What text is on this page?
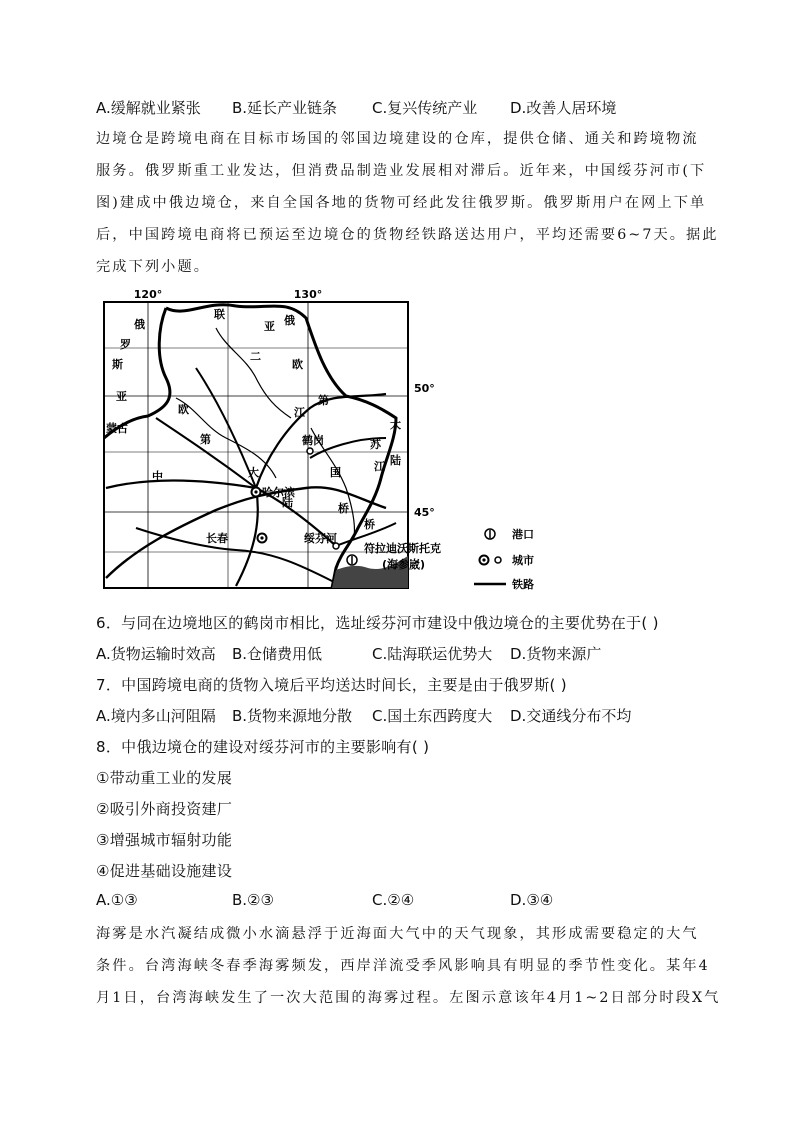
A.缓解就业紧张 B.延长产业链条 C.复兴传统产业 D.改善人居环境
边境仓是跨境电商在目标市场国的邻国边境建设的仓库，提供仓储、通关和跨境物流
服务。俄罗斯重工业发达，但消费品制造业发展相对滞后。近年来，中国绥芬河市(下
图)建成中俄边境仓，来自全国各地的货物可经此发往俄罗斯。俄罗斯用户在网上下单
后，中国跨境电商将已预运至边境仓的货物经铁路送达用户，平均还需要6~7天。据此
完成下列小题。
120°	130°
50°
45°
俄
罗
斯
亚
蒙古
中
欧
第
联
亚 俄
二
欧
江
第
大
陆
国
桥
桥
苏
江
大
陆
哈尔滨
长春
鹤岗
绥芬河
符拉迪沃斯托克
(海参崴)
港口
城市
铁路
6．与同在边境地区的鹤岗市相比，选址绥芬河市建设中俄边境仓的主要优势在于( )
A.货物运输时效高 B.仓储费用低	C.陆海联运优势大 D.货物来源广
7．中国跨境电商的货物入境后平均送达时间长，主要是由于俄罗斯( )
A.境内多山河阻隔 B.货物来源地分散 C.国土东西跨度大 D.交通线分布不均
8．中俄边境仓的建设对绥芬河市的主要影响有( )
①带动重工业的发展
②吸引外商投资建厂
③增强城市辐射功能
④促进基础设施建设
A.①③	B.②③	C.②④	D.③④
海雾是水汽凝结成微小水滴悬浮于近海面大气中的天气现象，其形成需要稳定的大气
条件。台湾海峡冬春季海雾频发，西岸洋流受季风影响具有明显的季节性变化。某年4
月1日，台湾海峡发生了一次大范围的海雾过程。左图示意该年4月1~2日部分时段X气
